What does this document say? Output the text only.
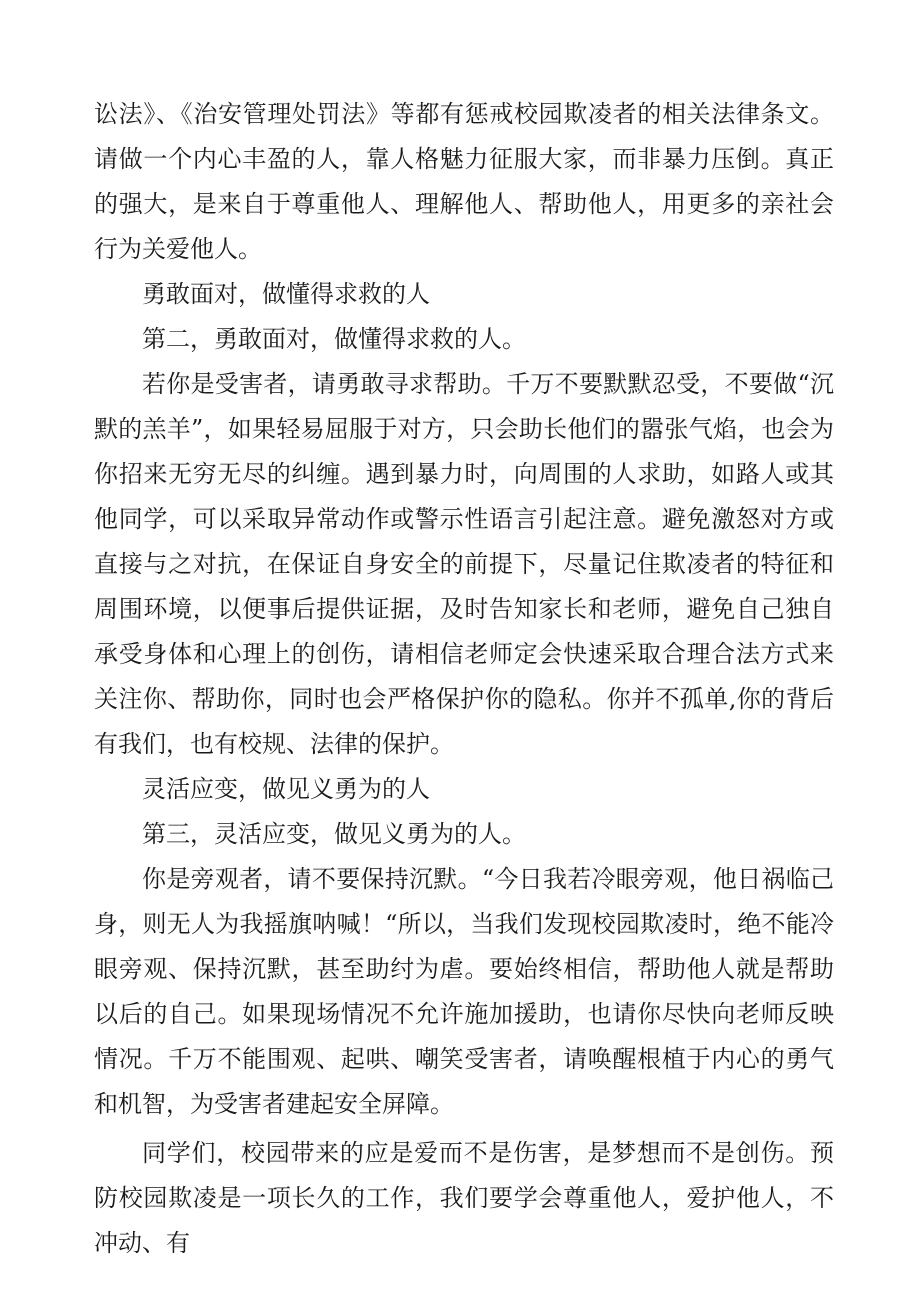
讼法》、《治安管理处罚法》等都有惩戒校园欺凌者的相关法律条文。请做一个内心丰盈的人，靠人格魅力征服大家，而非暴力压倒。真正的强大，是来自于尊重他人、理解他人、帮助他人，用更多的亲社会行为关爱他人。

勇敢面对，做懂得求救的人

第二，勇敢面对，做懂得求救的人。

若你是受害者，请勇敢寻求帮助。千万不要默默忍受，不要做“沉默的羔羊”，如果轻易屈服于对方，只会助长他们的嚣张气焰，也会为你招来无穷无尽的纠缠。遇到暴力时，向周围的人求助，如路人或其他同学，可以采取异常动作或警示性语言引起注意。避免激怒对方或直接与之对抗，在保证自身安全的前提下，尽量记住欺凌者的特征和周围环境，以便事后提供证据，及时告知家长和老师，避免自己独自承受身体和心理上的创伤，请相信老师定会快速采取合理合法方式来关注你、帮助你，同时也会严格保护你的隐私。你并不孤单,你的背后有我们，也有校规、法律的保护。

灵活应变，做见义勇为的人

第三，灵活应变，做见义勇为的人。

你是旁观者，请不要保持沉默。“今日我若冷眼旁观，他日祸临己身，则无人为我摇旗呐喊！“所以，当我们发现校园欺凌时，绝不能冷眼旁观、保持沉默，甚至助纣为虐。要始终相信，帮助他人就是帮助以后的自己。如果现场情况不允许施加援助，也请你尽快向老师反映情况。千万不能围观、起哄、嘲笑受害者，请唤醒根植于内心的勇气和机智，为受害者建起安全屏障。

同学们，校园带来的应是爱而不是伤害，是梦想而不是创伤。预防校园欺凌是一项长久的工作，我们要学会尊重他人，爱护他人，不冲动、有
